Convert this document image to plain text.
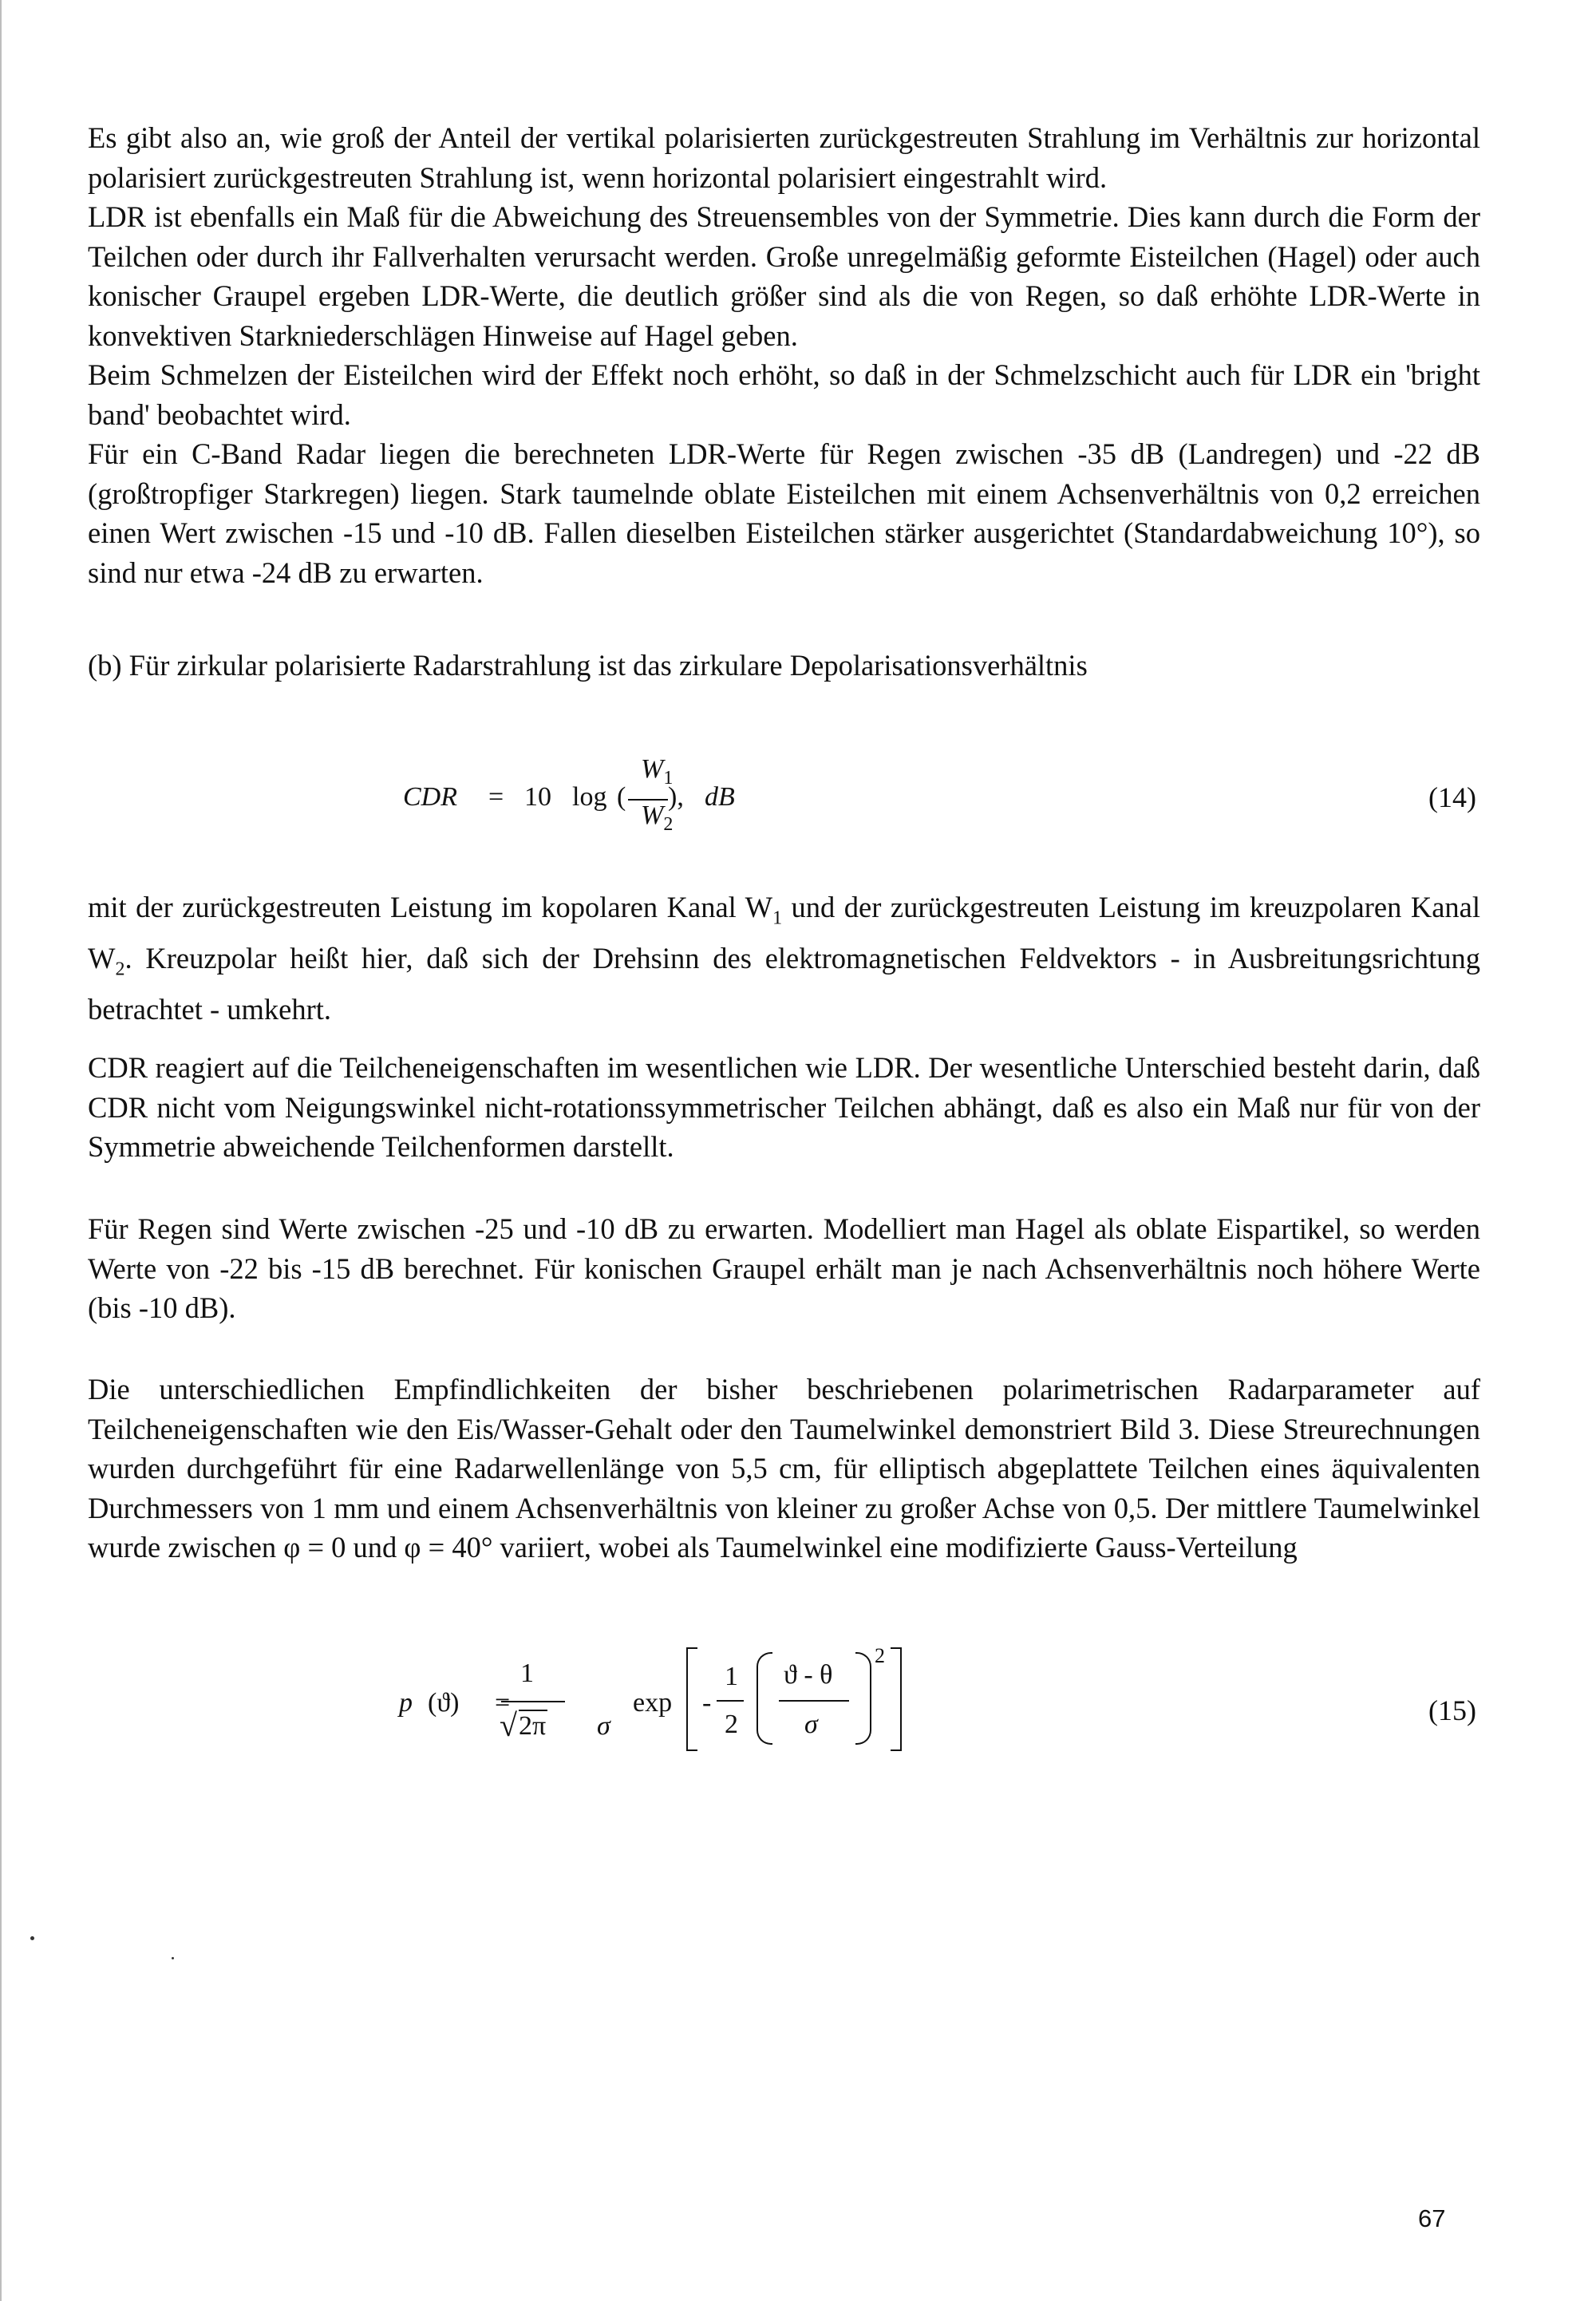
Es gibt also an, wie groß der Anteil der vertikal polarisierten zurückgestreuten Strahlung im Verhältnis zur horizontal polarisiert zurückgestreuten Strahlung ist, wenn horizontal polarisiert eingestrahlt wird.

LDR ist ebenfalls ein Maß für die Abweichung des Streuensembles von der Symmetrie. Dies kann durch die Form der Teilchen oder durch ihr Fallverhalten verursacht werden. Große unregelmäßig geformte Eisteilchen (Hagel) oder auch konischer Graupel ergeben LDR-Werte, die deutlich größer sind als die von Regen, so daß erhöhte LDR-Werte in konvektiven Starkniederschlägen Hinweise auf Hagel geben.

Beim Schmelzen der Eisteilchen wird der Effekt noch erhöht, so daß in der Schmelzschicht auch für LDR ein 'bright band' beobachtet wird.

Für ein C-Band Radar liegen die berechneten LDR-Werte für Regen zwischen -35 dB (Landregen) und -22 dB (großtropfiger Starkregen) liegen. Stark taumelnde oblate Eisteilchen mit einem Achsenverhältnis von 0,2 erreichen einen Wert zwischen -15 und -10 dB. Fallen dieselben Eisteilchen stärker ausgerichtet (Standardabweichung 10°), so sind nur etwa -24 dB zu erwarten.

(b) Für zirkular polarisierte Radarstrahlung ist das zirkulare Depolarisationsverhältnis

CDR = 10 log (
$W_1$
$W_2$
), dB	(14)

mit der zurückgestreuten Leistung im kopolaren Kanal $W_1$ und der zurückgestreuten Leistung im kreuzpolaren Kanal $W_2$. Kreuzpolar heißt hier, daß sich der Drehsinn des elektromagnetischen Feldvektors - in Ausbreitungsrichtung betrachtet - umkehrt.

CDR reagiert auf die Teilcheneigenschaften im wesentlichen wie LDR. Der wesentliche Unterschied besteht darin, daß CDR nicht vom Neigungswinkel nicht-rotationssymmetrischer Teilchen abhängt, daß es also ein Maß nur für von der Symmetrie abweichende Teilchenformen darstellt.

Für Regen sind Werte zwischen -25 und -10 dB zu erwarten. Modelliert man Hagel als oblate Eispartikel, so werden Werte von -22 bis -15 dB berechnet. Für konischen Graupel erhält man je nach Achsenverhältnis noch höhere Werte (bis -10 dB).

Die unterschiedlichen Empfindlichkeiten der bisher beschriebenen polarimetrischen Radarparameter auf Teilcheneigenschaften wie den Eis/Wasser-Gehalt oder den Taumelwinkel demonstriert Bild 3. Diese Streurechnungen wurden durchgeführt für eine Radarwellenlänge von 5,5 cm, für elliptisch abgeplattete Teilchen eines äquivalenten Durchmessers von 1 mm und einem Achsenverhältnis von kleiner zu großer Achse von 0,5. Der mittlere Taumelwinkel wurde zwischen φ = 0 und φ = 40° variiert, wobei als Taumelwinkel eine modifizierte Gauss-Verteilung

p (ϑ) =
1
√ 2π σ
exp -
1
2
ϑ - θ
σ
2
(15)
67
